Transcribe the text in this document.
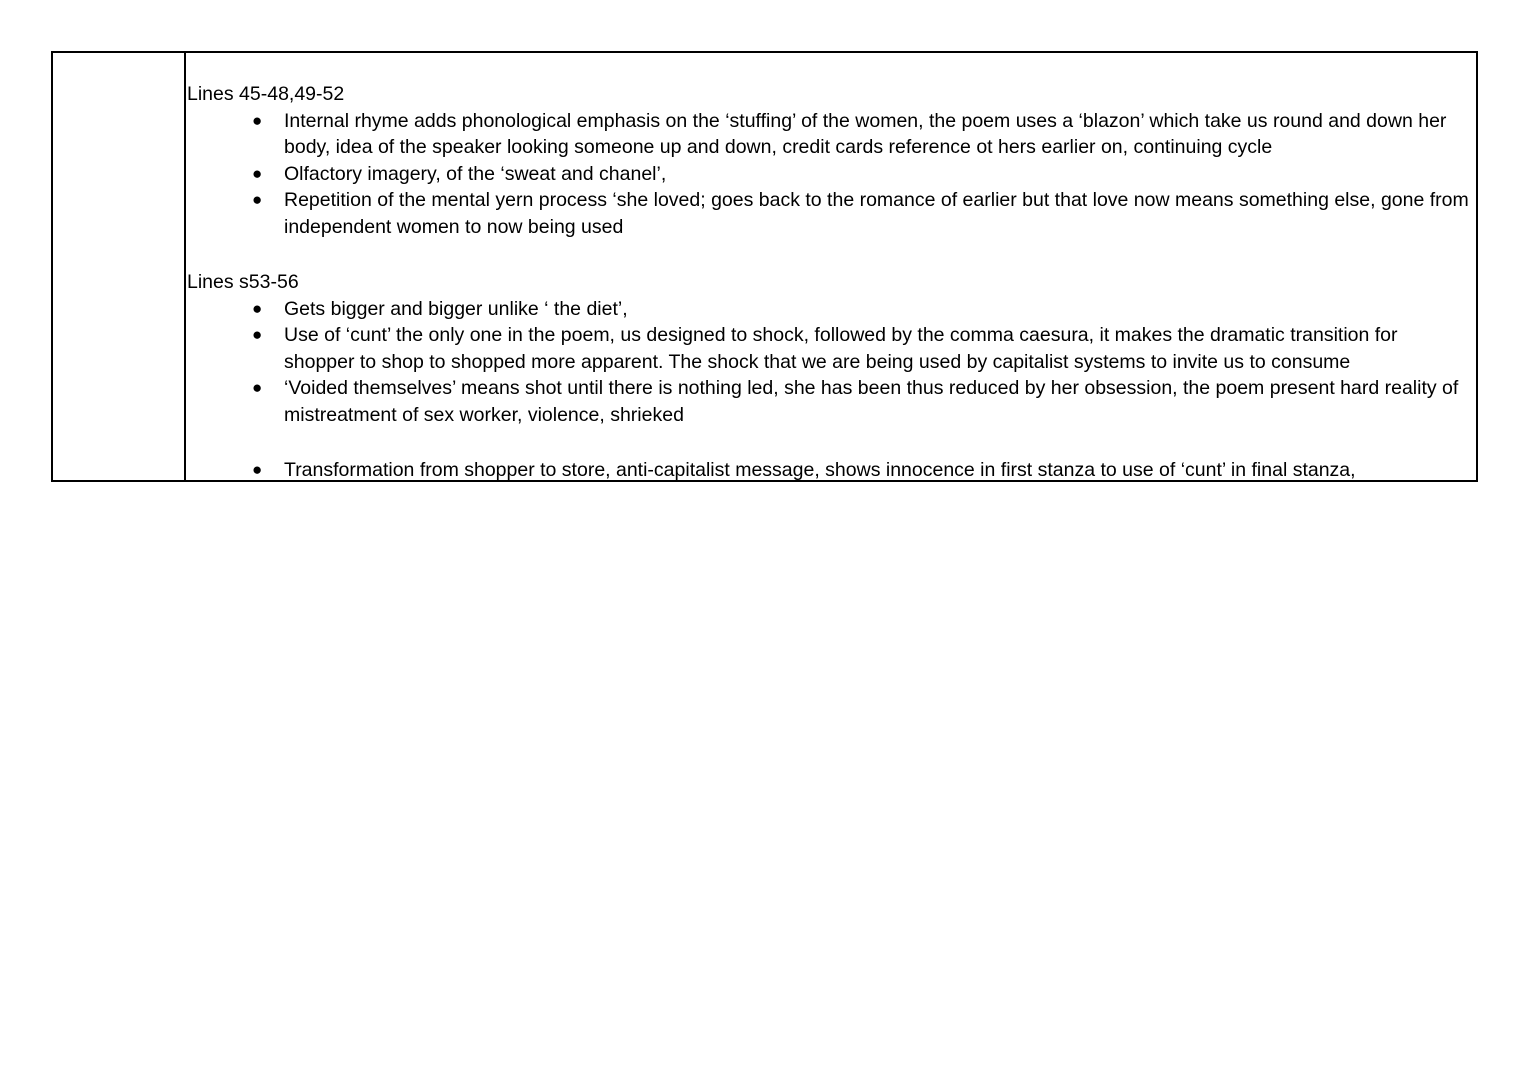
Lines 45-48,49-52
● Internal rhyme adds phonological emphasis on the ‘stuffing’ of the women, the poem uses a ‘blazon’ which take us round and down her body, idea of the speaker looking someone up and down, credit cards reference ot hers earlier on, continuing cycle
● Olfactory imagery, of the ‘sweat and chanel’,
● Repetition of the mental yern process ‘she loved; goes back to the romance of earlier but that love now means something else, gone from independent women to now being used
Lines s53-56
● Gets bigger and bigger unlike ‘ the diet’,
● Use of ‘cunt’ the only one in the poem, us designed to shock, followed by the comma caesura, it makes the dramatic transition for shopper to shop to shopped more apparent. The shock that we are being used by capitalist systems to invite us to consume
● ‘Voided themselves’ means shot until there is nothing led, she has been thus reduced by her obsession, the poem present hard reality of mistreatment of sex worker, violence, shrieked
● Transformation from shopper to store, anti-capitalist message, shows innocence in first stanza to use of ‘cunt’ in final stanza,
